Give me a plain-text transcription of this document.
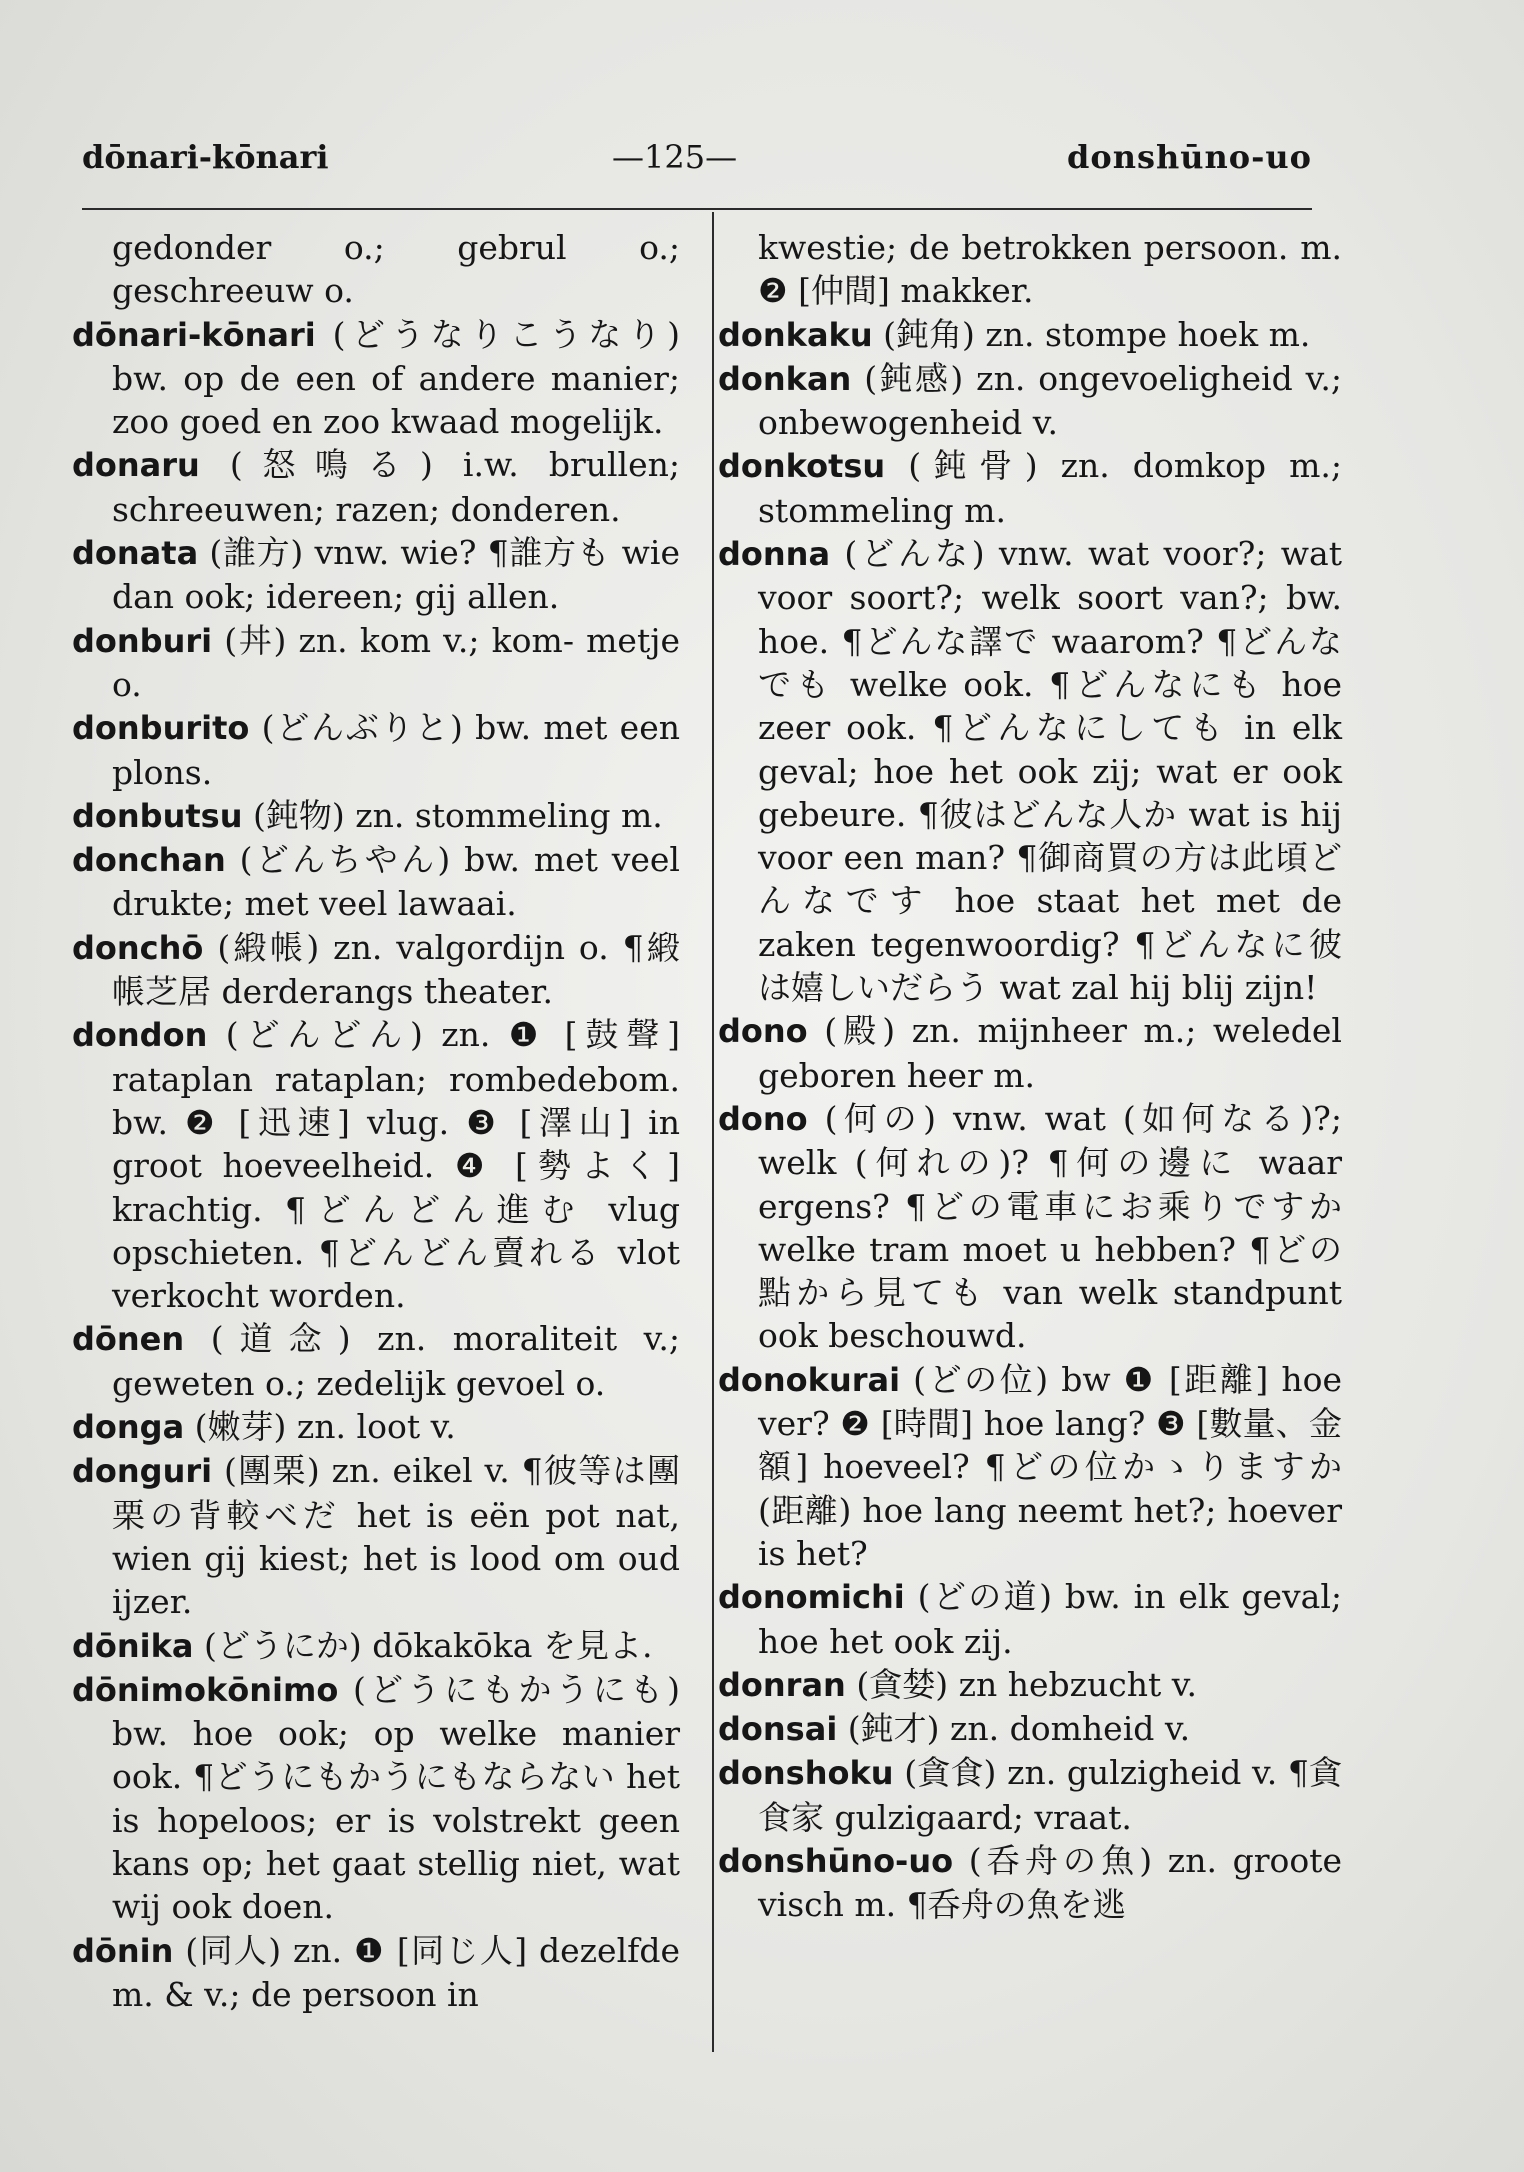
dōnari-kōnari	—125—	donshūno-uo
gedonder o.; gebrul o.; geschreeuw o.
dōnari-kōnari (どうなりこうなり) bw. op de een of andere manier; zoo goed en zoo kwaad mogelijk.
donaru (怒鳴る) i.w. brullen; schreeuwen; razen; donderen.
donata (誰方) vnw. wie? ¶誰方も wie dan ook; idereen; gij allen.
donburi (丼) zn. kom v.; kom- metje o.
donburito (どんぶりと) bw. met een plons.
donbutsu (鈍物) zn. stommeling m.
donchan (どんちやん) bw. met veel drukte; met veel lawaai.
donchō (緞帳) zn. valgordijn o. ¶緞帳芝居 derderangs theater.
dondon (どんどん) zn. ❶ [鼓聲] rataplan rataplan; rombedebom. bw. ❷ [迅速] vlug. ❸ [澤山] in groot hoeveelheid. ❹ [勢よく] krachtig. ¶どんどん進む vlug opschieten. ¶どんどん賣れる vlot verkocht worden.
dōnen (道念) zn. moraliteit v.; geweten o.; zedelijk gevoel o.
donga (嫩芽) zn. loot v.
donguri (團栗) zn. eikel v. ¶彼等は團栗の背較べだ het is eën pot nat, wien gij kiest; het is lood om oud ijzer.
dōnika (どうにか) dōkakōka を見よ.
dōnimokōnimo (どうにもかうにも) bw. hoe ook; op welke manier ook. ¶どうにもかうにもならない het is hopeloos; er is volstrekt geen kans op; het gaat stellig niet, wat wij ook doen.
dōnin (同人) zn. ❶ [同じ人] dezelfde m. & v.; de persoon in
kwestie; de betrokken persoon. m. ❷ [仲間] makker.
donkaku (鈍角) zn. stompe hoek m.
donkan (鈍感) zn. ongevoeligheid v.; onbewogenheid v.
donkotsu (鈍骨) zn. domkop m.; stommeling m.
donna (どんな) vnw. wat voor?; wat voor soort?; welk soort van?; bw. hoe. ¶どんな譯で waarom? ¶どんなでも welke ook. ¶どんなにも hoe zeer ook. ¶どんなにしても in elk geval; hoe het ook zij; wat er ook gebeure. ¶彼はどんな人か wat is hij voor een man? ¶御商買の方は此頃どんなです hoe staat het met de zaken tegenwoordig? ¶どんなに彼は嬉しいだらう wat zal hij blij zijn!
dono (殿) zn. mijnheer m.; weledel geboren heer m.
dono (何の) vnw. wat (如何なる)?; welk (何れの)? ¶何の邊に waar ergens? ¶どの電車にお乘りですか welke tram moet u hebben? ¶どの點から見ても van welk standpunt ook beschouwd.
donokurai (どの位) bw ❶ [距離] hoe ver? ❷ [時間] hoe lang? ❸ [數量、金額] hoeveel? ¶どの位かゝりますか (距離) hoe lang neemt het?; hoever is het?
donomichi (どの道) bw. in elk geval; hoe het ook zij.
donran (貪婪) zn hebzucht v.
donsai (鈍才) zn. domheid v.
donshoku (貪食) zn. gulzigheid v. ¶貪食家 gulzigaard; vraat.
donshūno-uo (呑舟の魚) zn. groote visch m. ¶呑舟の魚を逃
